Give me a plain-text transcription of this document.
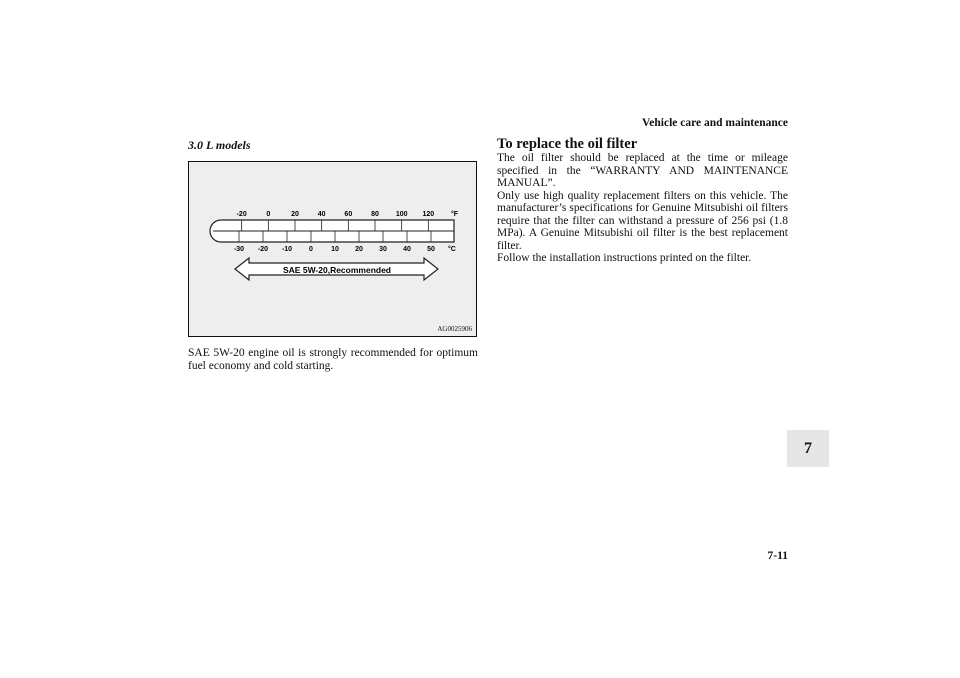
Vehicle care and maintenance
3.0 L models
-20	0	20	40	60	80 100 120
-30 -20 -10 0	10 20 30 40 50
°F
°C
SAE 5W-20,Recommended
AG0025906

SAE 5W-20 engine oil is strongly recommended for optimum fuel economy and cold starting.

To replace the oil filter

The oil filter should be replaced at the time or mileage specified in the “WARRANTY AND MAINTENANCE MANUAL”.

Only use high quality replacement filters on this vehicle. The manufacturer’s specifications for Genuine Mitsubishi oil filters require that the filter can withstand a pressure of 256 psi (1.8 MPa). A Genuine Mitsubishi oil filter is the best replacement filter.

Follow the installation instructions printed on the filter.

7
7-11
